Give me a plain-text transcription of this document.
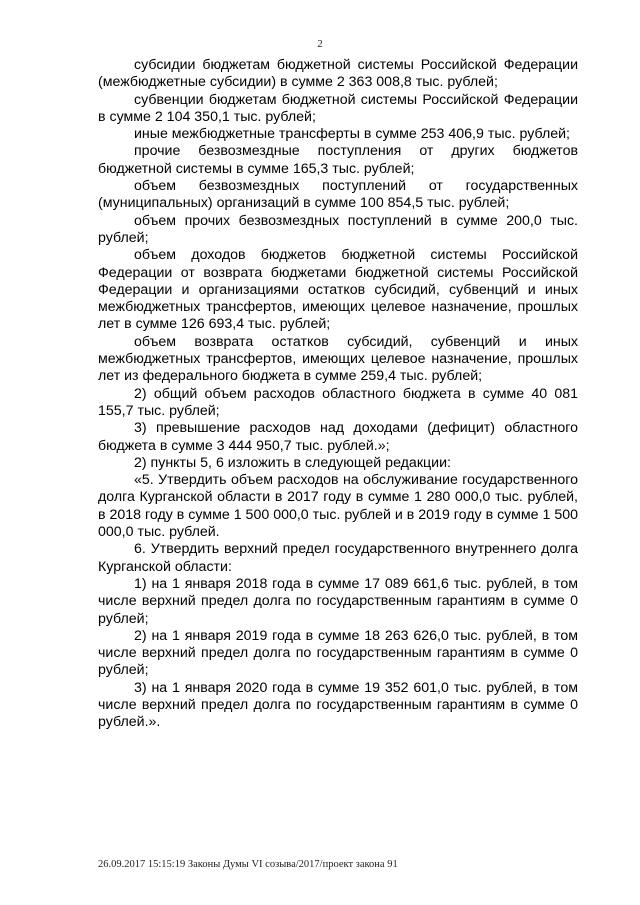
2

субсидии бюджетам бюджетной системы Российской Федерации (межбюджетные субсидии) в сумме 2 363 008,8 тыс. рублей;

субвенции бюджетам бюджетной системы Российской Федерации в сумме 2 104 350,1 тыс. рублей;

иные межбюджетные трансферты в сумме 253 406,9 тыс. рублей;

прочие безвозмездные поступления от других бюджетов бюджетной системы в сумме 165,3 тыс. рублей;

объем безвозмездных поступлений от государственных (муниципальных) организаций в сумме 100 854,5 тыс. рублей;

объем прочих безвозмездных поступлений в сумме 200,0 тыс. рублей;

объем доходов бюджетов бюджетной системы Российской Федерации от возврата бюджетами бюджетной системы Российской Федерации и организациями остатков субсидий, субвенций и иных межбюджетных трансфертов, имеющих целевое назначение, прошлых лет в сумме 126 693,4 тыс. рублей;

объем возврата остатков субсидий, субвенций и иных межбюджетных трансфертов, имеющих целевое назначение, прошлых лет из федерального бюджета в сумме 259,4 тыс. рублей;

2) общий объем расходов областного бюджета в сумме 40 081 155,7 тыс. рублей;

3) превышение расходов над доходами (дефицит) областного бюджета в сумме 3 444 950,7 тыс. рублей.»;

2) пункты 5, 6 изложить в следующей редакции:

«5. Утвердить объем расходов на обслуживание государственного долга Курганской области в 2017 году в сумме 1 280 000,0 тыс. рублей, в 2018 году в сумме 1 500 000,0 тыс. рублей и в 2019 году в сумме 1 500 000,0 тыс. рублей.

6. Утвердить верхний предел государственного внутреннего долга Курганской области:

1) на 1 января 2018 года в сумме 17 089 661,6 тыс. рублей, в том числе верхний предел долга по государственным гарантиям в сумме 0 рублей;

2) на 1 января 2019 года в сумме 18 263 626,0 тыс. рублей, в том числе верхний предел долга по государственным гарантиям в сумме 0 рублей;

3) на 1 января 2020 года в сумме 19 352 601,0 тыс. рублей, в том числе верхний предел долга по государственным гарантиям в сумме 0 рублей.».

26.09.2017 15:15:19 Законы Думы VI созыва/2017/проект закона 91
